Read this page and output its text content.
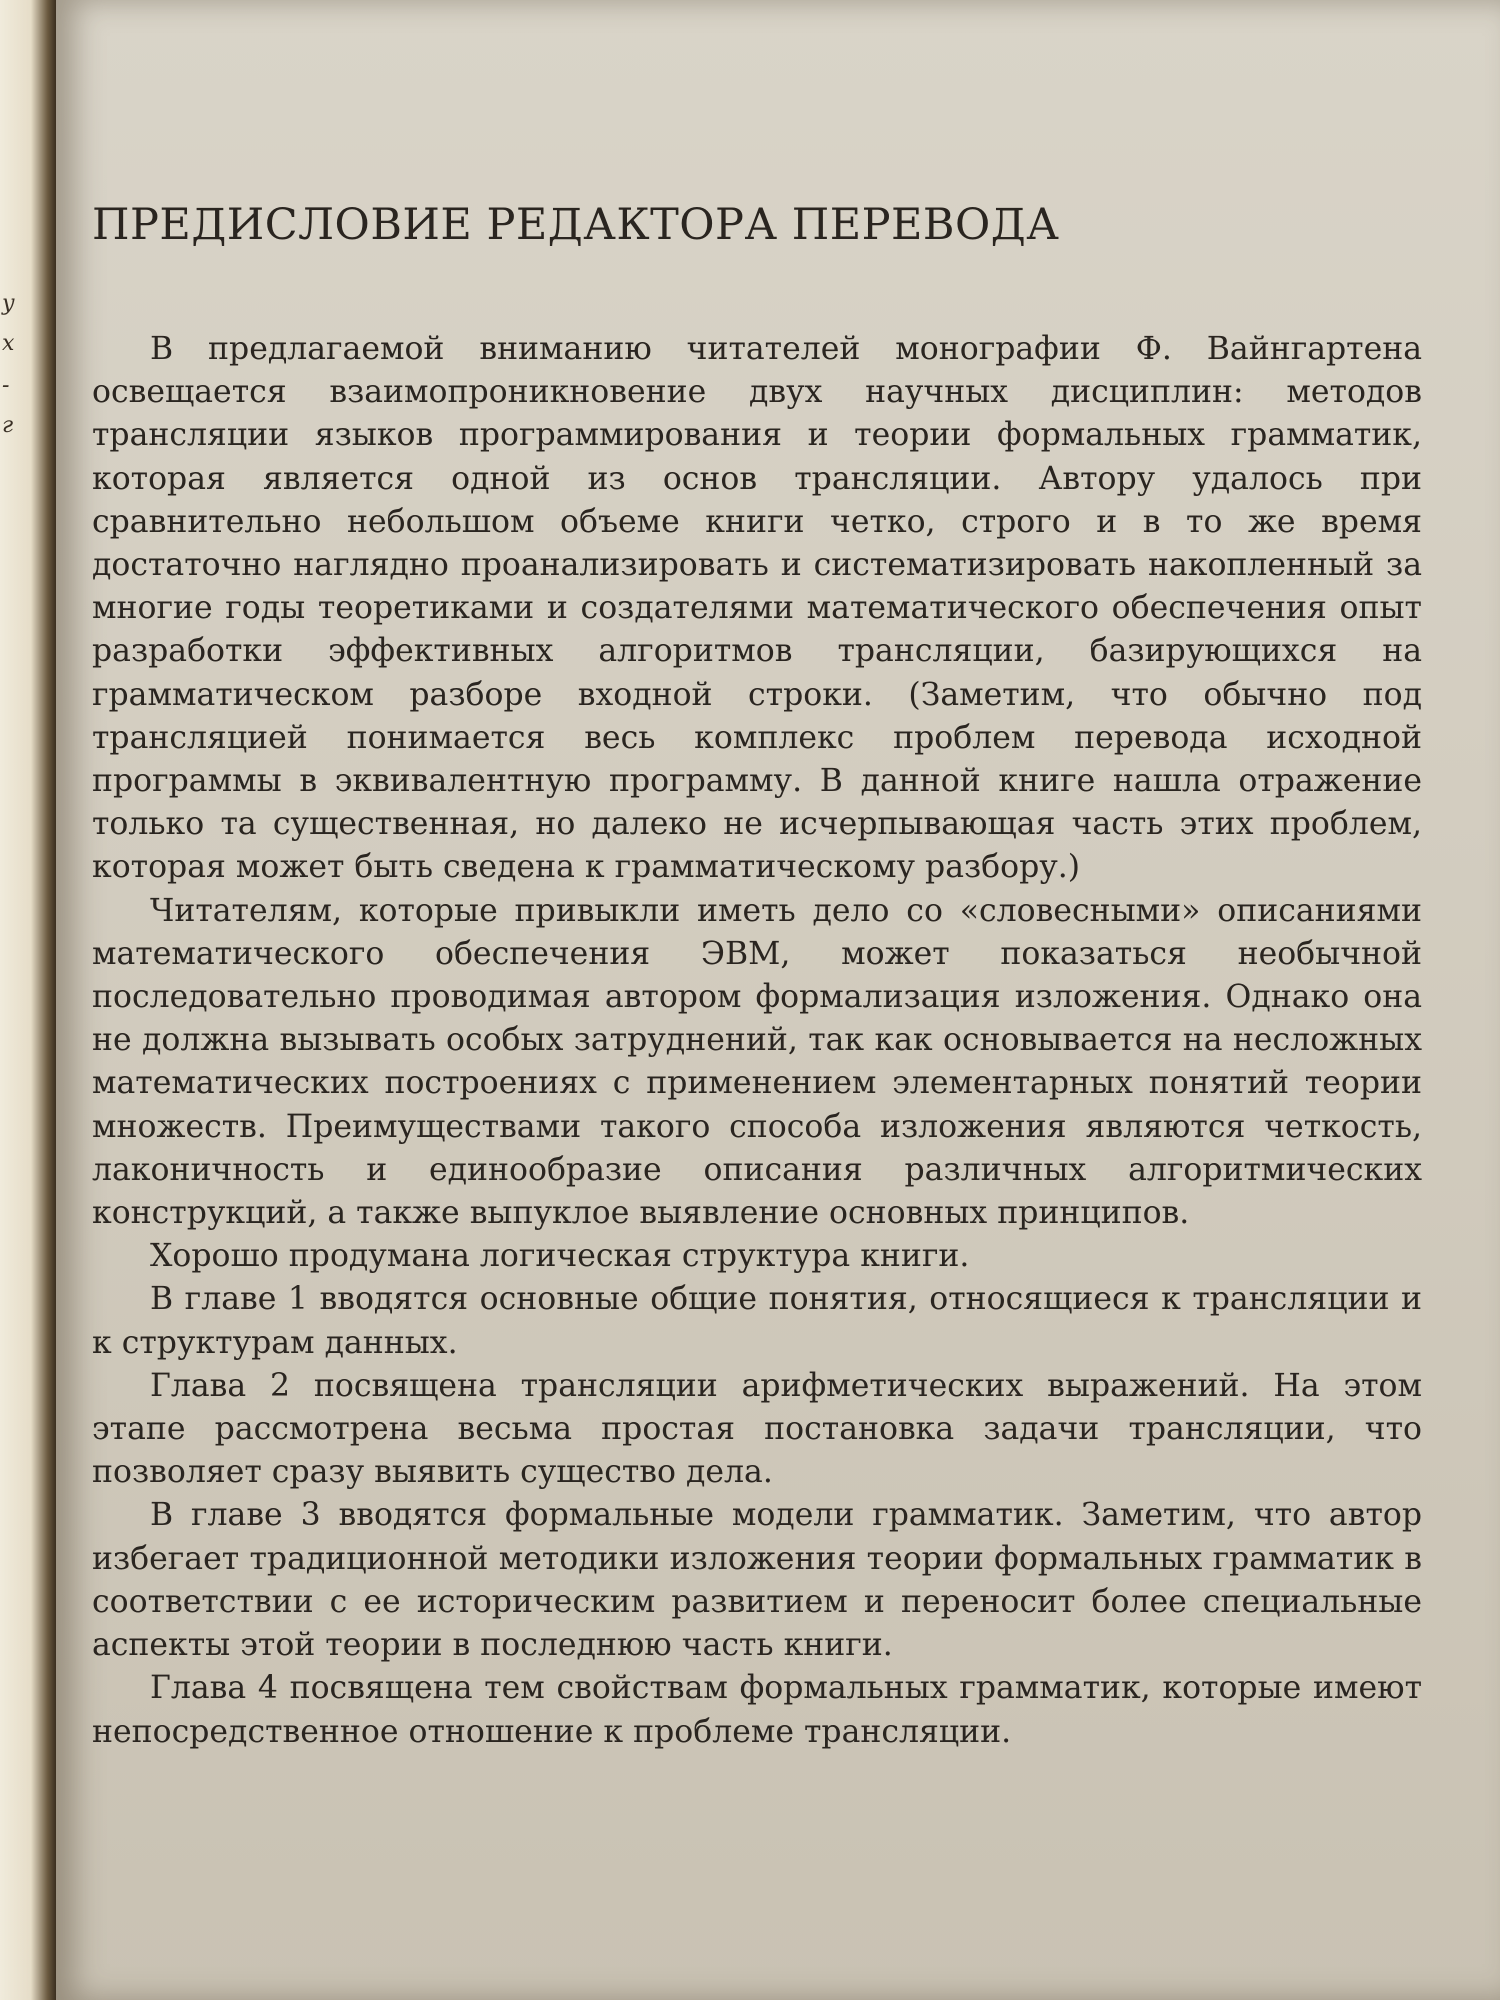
у
х
-
г
ПРЕДИСЛОВИЕ РЕДАКТОРА ПЕРЕВОДА

В предлагаемой вниманию читателей монографии Ф. Вайнгартена освещается взаимопроникновение двух научных дисциплин: методов трансляции языков программирования и теории формальных грамматик, которая является одной из основ трансляции. Автору удалось при сравнительно небольшом объеме книги четко, строго и в то же время достаточно наглядно проанализировать и систематизировать накопленный за многие годы теоретиками и создателями математического обеспечения опыт разработки эффективных алгоритмов трансляции, базирующихся на грамматическом разборе входной строки. (Заметим, что обычно под трансляцией понимается весь комплекс проблем перевода исходной программы в эквивалентную программу. В данной книге нашла отражение только та существенная, но далеко не исчерпывающая часть этих проблем, которая может быть сведена к грамматическому разбору.)

Читателям, которые привыкли иметь дело со «словесными» описаниями математического обеспечения ЭВМ, может показаться необычной последовательно проводимая автором формализация изложения. Однако она не должна вызывать особых затруднений, так как основывается на несложных математических построениях с применением элементарных понятий теории множеств. Преимуществами такого способа изложения являются четкость, лаконичность и единообразие описания различных алгоритмических конструкций, а также выпуклое выявление основных принципов.

Хорошо продумана логическая структура книги.

В главе 1 вводятся основные общие понятия, относящиеся к трансляции и к структурам данных.

Глава 2 посвящена трансляции арифметических выражений. На этом этапе рассмотрена весьма простая постановка задачи трансляции, что позволяет сразу выявить существо дела.

В главе 3 вводятся формальные модели грамматик. Заметим, что автор избегает традиционной методики изложения теории формальных грамматик в соответствии с ее историческим развитием и переносит более специальные аспекты этой теории в последнюю часть книги.

Глава 4 посвящена тем свойствам формальных грамматик, которые имеют непосредственное отношение к проблеме трансляции.
